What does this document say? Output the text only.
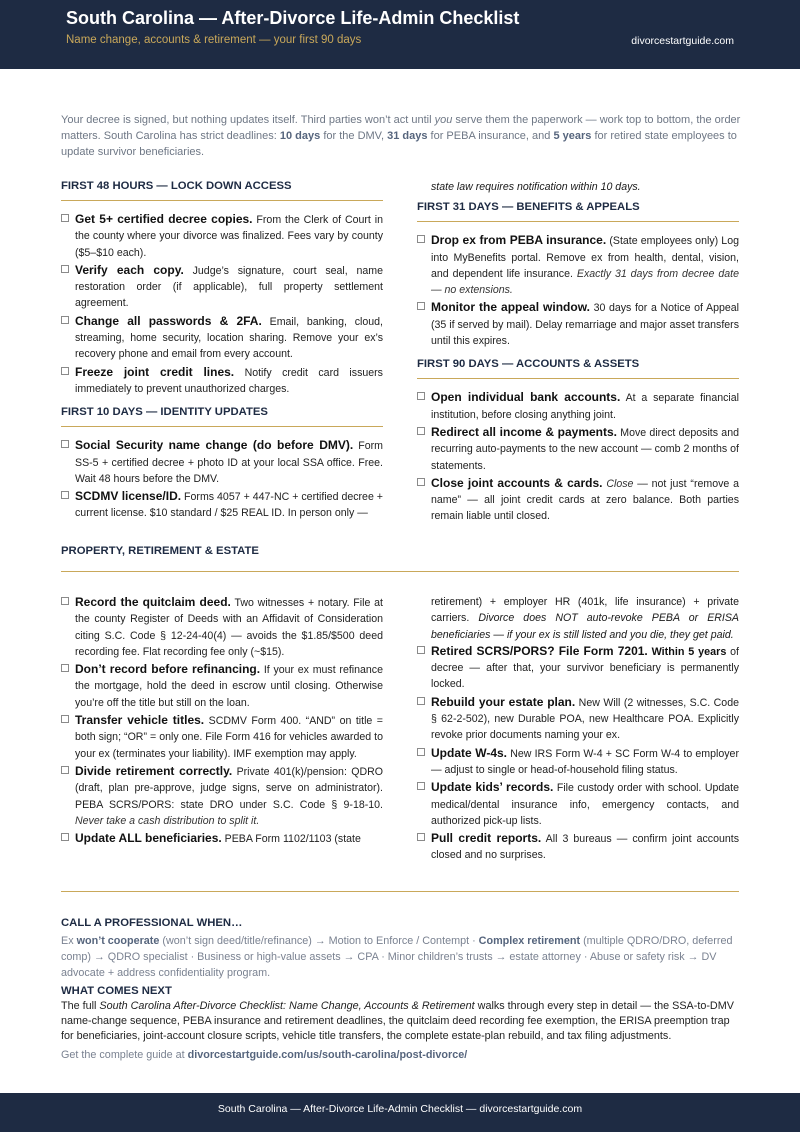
South Carolina — After-Divorce Life-Admin Checklist
Name change, accounts & retirement — your first 90 days	divorcestartguide.com
Your decree is signed, but nothing updates itself. Third parties won’t act until you serve them the paperwork — work top to bottom, the order matters. South Carolina has strict deadlines: 10 days for the DMV, 31 days for PEBA insurance, and 5 years for retired state employees to update survivor beneficiaries.
FIRST 48 HOURS — LOCK DOWN ACCESS
Get 5+ certified decree copies. From the Clerk of Court in the county where your divorce was finalized. Fees vary by county ($5–$10 each).
Verify each copy. Judge’s signature, court seal, name restoration order (if applicable), full property settlement agreement.
Change all passwords & 2FA. Email, banking, cloud, streaming, home security, location sharing. Remove your ex’s recovery phone and email from every account.
Freeze joint credit lines. Notify credit card issuers immediately to prevent unauthorized charges.
FIRST 10 DAYS — IDENTITY UPDATES
Social Security name change (do before DMV). Form SS-5 + certified decree + photo ID at your local SSA office. Free. Wait 48 hours before the DMV.
SCDMV license/ID. Forms 4057 + 447-NC + certified decree + current license. $10 standard / $25 REAL ID. In person only —
state law requires notification within 10 days.
FIRST 31 DAYS — BENEFITS & APPEALS
Drop ex from PEBA insurance. (State employees only) Log into MyBenefits portal. Remove ex from health, dental, vision, and dependent life insurance. Exactly 31 days from decree date — no extensions.
Monitor the appeal window. 30 days for a Notice of Appeal (35 if served by mail). Delay remarriage and major asset transfers until this expires.
FIRST 90 DAYS — ACCOUNTS & ASSETS
Open individual bank accounts. At a separate financial institution, before closing anything joint.
Redirect all income & payments. Move direct deposits and recurring auto-payments to the new account — comb 2 months of statements.
Close joint accounts & cards. Close — not just “remove a name” — all joint credit cards at zero balance. Both parties remain liable until closed.
PROPERTY, RETIREMENT & ESTATE
Record the quitclaim deed. Two witnesses + notary. File at the county Register of Deeds with an Affidavit of Consideration citing S.C. Code § 12-24-40(4) — avoids the $1.85/$500 deed recording fee. Flat recording fee only (~$15).
Don’t record before refinancing. If your ex must refinance the mortgage, hold the deed in escrow until closing. Otherwise you’re off the title but still on the loan.
Transfer vehicle titles. SCDMV Form 400. “AND” on title = both sign; “OR” = only one. File Form 416 for vehicles awarded to your ex (terminates your liability). IMF exemption may apply.
Divide retirement correctly. Private 401(k)/pension: QDRO (draft, plan pre-approve, judge signs, serve on administrator). PEBA SCRS/PORS: state DRO under S.C. Code § 9-18-10. Never take a cash distribution to split it.
Update ALL beneficiaries. PEBA Form 1102/1103 (state
retirement) + employer HR (401k, life insurance) + private carriers. Divorce does NOT auto-revoke PEBA or ERISA beneficiaries — if your ex is still listed and you die, they get paid.
Retired SCRS/PORS? File Form 7201. Within 5 years of decree — after that, your survivor beneficiary is permanently locked.
Rebuild your estate plan. New Will (2 witnesses, S.C. Code § 62-2-502), new Durable POA, new Healthcare POA. Explicitly revoke prior documents naming your ex.
Update W-4s. New IRS Form W-4 + SC Form W-4 to employer — adjust to single or head-of-household filing status.
Update kids’ records. File custody order with school. Update medical/dental insurance info, emergency contacts, and authorized pick-up lists.
Pull credit reports. All 3 bureaus — confirm joint accounts closed and no surprises.
CALL A PROFESSIONAL WHEN…
Ex won’t cooperate (won’t sign deed/title/refinance) → Motion to Enforce / Contempt · Complex retirement (multiple QDRO/DRO, deferred comp) → QDRO specialist · Business or high-value assets → CPA · Minor children’s trusts → estate attorney · Abuse or safety risk → DV advocate + address confidentiality program.
WHAT COMES NEXT
The full South Carolina After-Divorce Checklist: Name Change, Accounts & Retirement walks through every step in detail — the SSA-to-DMV name-change sequence, PEBA insurance and retirement deadlines, the quitclaim deed recording fee exemption, the ERISA preemption trap for beneficiaries, joint-account closure scripts, vehicle title transfers, the complete estate-plan rebuild, and tax filing adjustments.
Get the complete guide at divorcestartguide.com/us/south-carolina/post-divorce/
South Carolina — After-Divorce Life-Admin Checklist — divorcestartguide.com
